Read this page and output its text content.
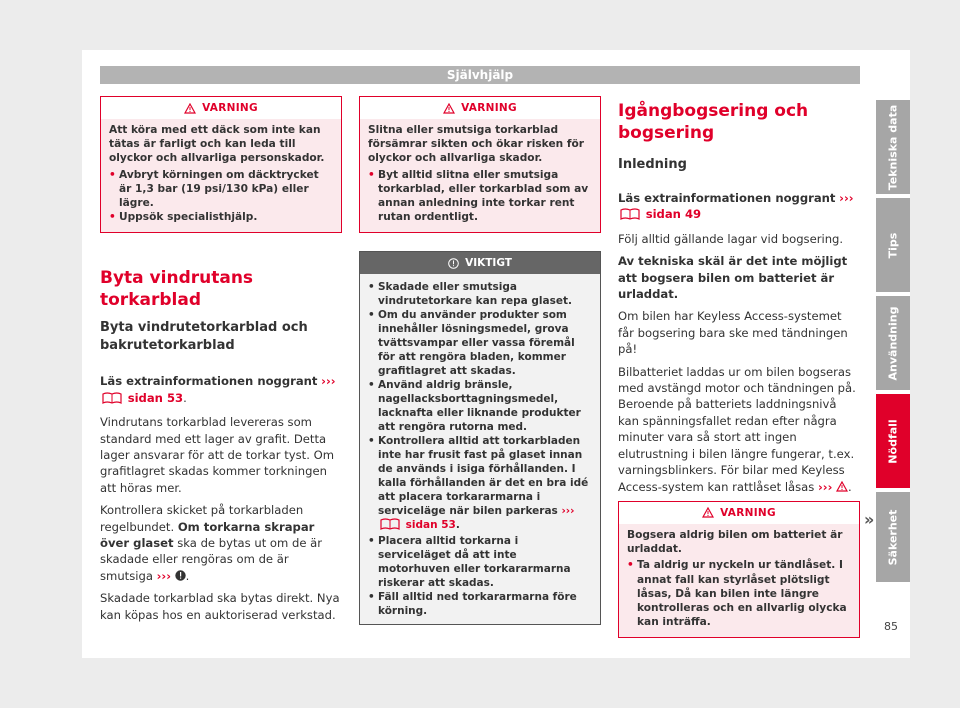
Självhjälp
VARNING

Att köra med ett däck som inte kan tätas är farligt och kan leda till olyckor och allvarliga personskador.

• Avbryt körningen om däcktrycket är 1,3 bar (19 psi/130 kPa) eller lägre.
• Uppsök specialisthjälp.
Byta vindrutans torkarblad
Byta vindrutetorkarblad och bakrutetorkarblad

Läs extrainformationen noggrant ›››  sidan 53.

Vindrutans torkarblad levereras som standard med ett lager av grafit. Detta lager ansvarar för att de torkar tyst. Om grafitlagret skadas kommer torkningen att höras mer.

Kontrollera skicket på torkarbladen regelbundet. Om torkarna skrapar över glaset ska de bytas ut om de är skadade eller rengöras om de är smutsiga ››› .

Skadade torkarblad ska bytas direkt. Nya kan köpas hos en auktoriserad verkstad.

VARNING

Slitna eller smutsiga torkarblad försämrar sikten och ökar risken för olyckor och allvarliga skador.

• Byt alltid slitna eller smutsiga torkarblad, eller torkarblad som av annan anledning inte torkar rent rutan ordentligt.
VIKTIGT
• Skadade eller smutsiga vindrutetorkare kan repa glaset.
• Om du använder produkter som innehåller lösningsmedel, grova tvättsvampar eller vassa föremål för att rengöra bladen, kommer grafitlagret att skadas.
• Använd aldrig bränsle, nagellacksborttagningsmedel, lacknafta eller liknande produkter att rengöra rutorna med.
• Kontrollera alltid att torkarbladen inte har frusit fast på glaset innan de används i isiga förhållanden. I kalla förhållanden är det en bra idé att placera torkararmarna i serviceläge när bilen parkeras ›››  sidan 53.
• Placera alltid torkarna i serviceläget då att inte motorhuven eller torkararmarna riskerar att skadas.
• Fäll alltid ned torkararmarna före körning.
Igångbogsering och bogsering
Inledning

Läs extrainformationen noggrant ›››  sidan 49

Följ alltid gällande lagar vid bogsering.

Av tekniska skäl är det inte möjligt att bogsera bilen om batteriet är urladdat.

Om bilen har Keyless Access-systemet får bogsering bara ske med tändningen på!

Bilbatteriet laddas ur om bilen bogseras med avstängd motor och tändningen på. Beroende på batteriets laddningsnivå kan spänningsfallet redan efter några minuter vara så stort att ingen elutrustning i bilen längre fungerar, t.ex. varningsblinkers. För bilar med Keyless Access-system kan rattlåset låsas ››› .

VARNING

Bogsera aldrig bilen om batteriet är urladdat.

• Ta aldrig ur nyckeln ur tändlåset. I annat fall kan styrlåset plötsligt låsas, Då kan bilen inte längre kontrolleras och en allvarlig olycka kan inträffa.
»
Tekniska data
Tips
Användning
Nödfall
Säkerhet
85
